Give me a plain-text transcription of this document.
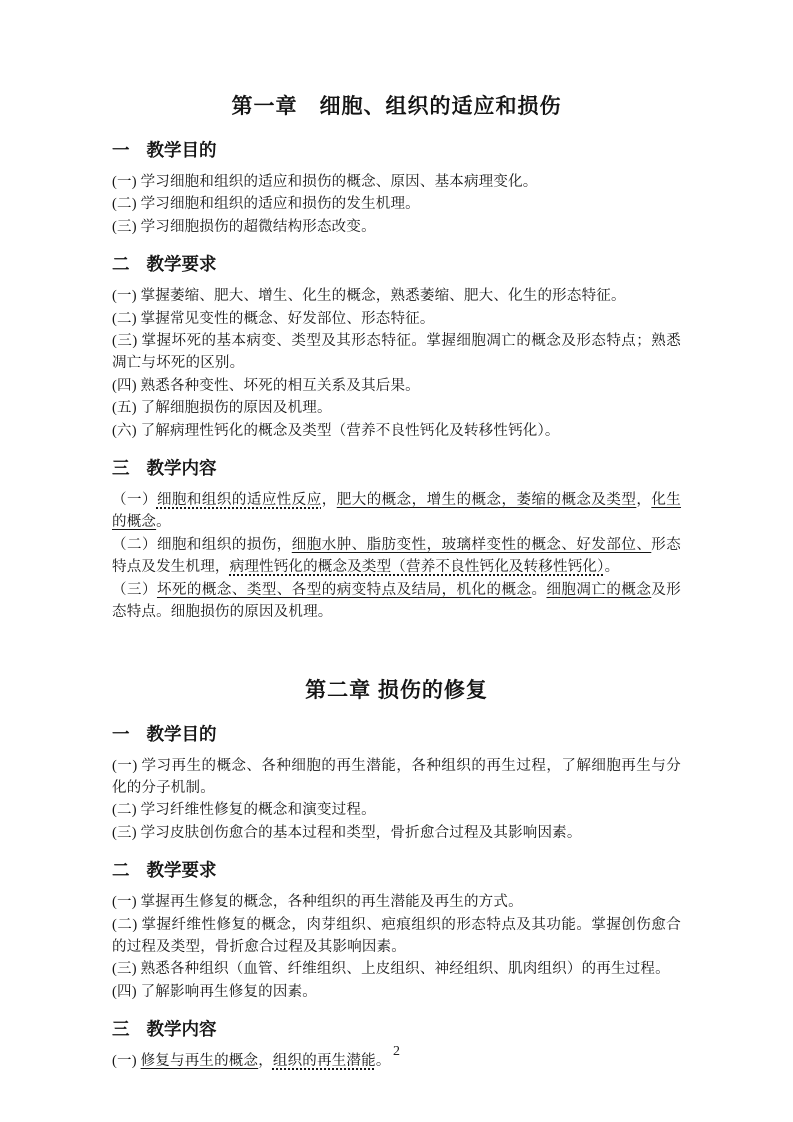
第一章　细胞、组织的适应和损伤
一 教学目的

(一) 学习细胞和组织的适应和损伤的概念、原因、基本病理变化。

(二) 学习细胞和组织的适应和损伤的发生机理。

(三) 学习细胞损伤的超微结构形态改变。

二 教学要求

(一) 掌握萎缩、肥大、增生、化生的概念，熟悉萎缩、肥大、化生的形态特征。

(二) 掌握常见变性的概念、好发部位、形态特征。

(三) 掌握坏死的基本病变、类型及其形态特征。掌握细胞凋亡的概念及形态特点；熟悉凋亡与坏死的区别。

(四) 熟悉各种变性、坏死的相互关系及其后果。

(五) 了解细胞损伤的原因及机理。

(六) 了解病理性钙化的概念及类型（营养不良性钙化及转移性钙化）。

三 教学内容

（一）细胞和组织的适应性反应，肥大的概念，增生的概念，萎缩的概念及类型，化生的概念。

（二）细胞和组织的损伤，细胞水肿、脂肪变性，玻璃样变性的概念、好发部位、形态特点及发生机理，病理性钙化的概念及类型（营养不良性钙化及转移性钙化）。

（三）坏死的概念、类型、各型的病变特点及结局，机化的概念。细胞凋亡的概念及形态特点。细胞损伤的原因及机理。

第二章 损伤的修复
一 教学目的

(一) 学习再生的概念、各种细胞的再生潜能，各种组织的再生过程，了解细胞再生与分化的分子机制。

(二) 学习纤维性修复的概念和演变过程。

(三) 学习皮肤创伤愈合的基本过程和类型，骨折愈合过程及其影响因素。

二 教学要求

(一) 掌握再生修复的概念，各种组织的再生潜能及再生的方式。

(二) 掌握纤维性修复的概念，肉芽组织、疤痕组织的形态特点及其功能。掌握创伤愈合的过程及类型，骨折愈合过程及其影响因素。

(三) 熟悉各种组织（血管、纤维组织、上皮组织、神经组织、肌肉组织）的再生过程。

(四) 了解影响再生修复的因素。

三 教学内容

(一) 修复与再生的概念，组织的再生潜能。

2
